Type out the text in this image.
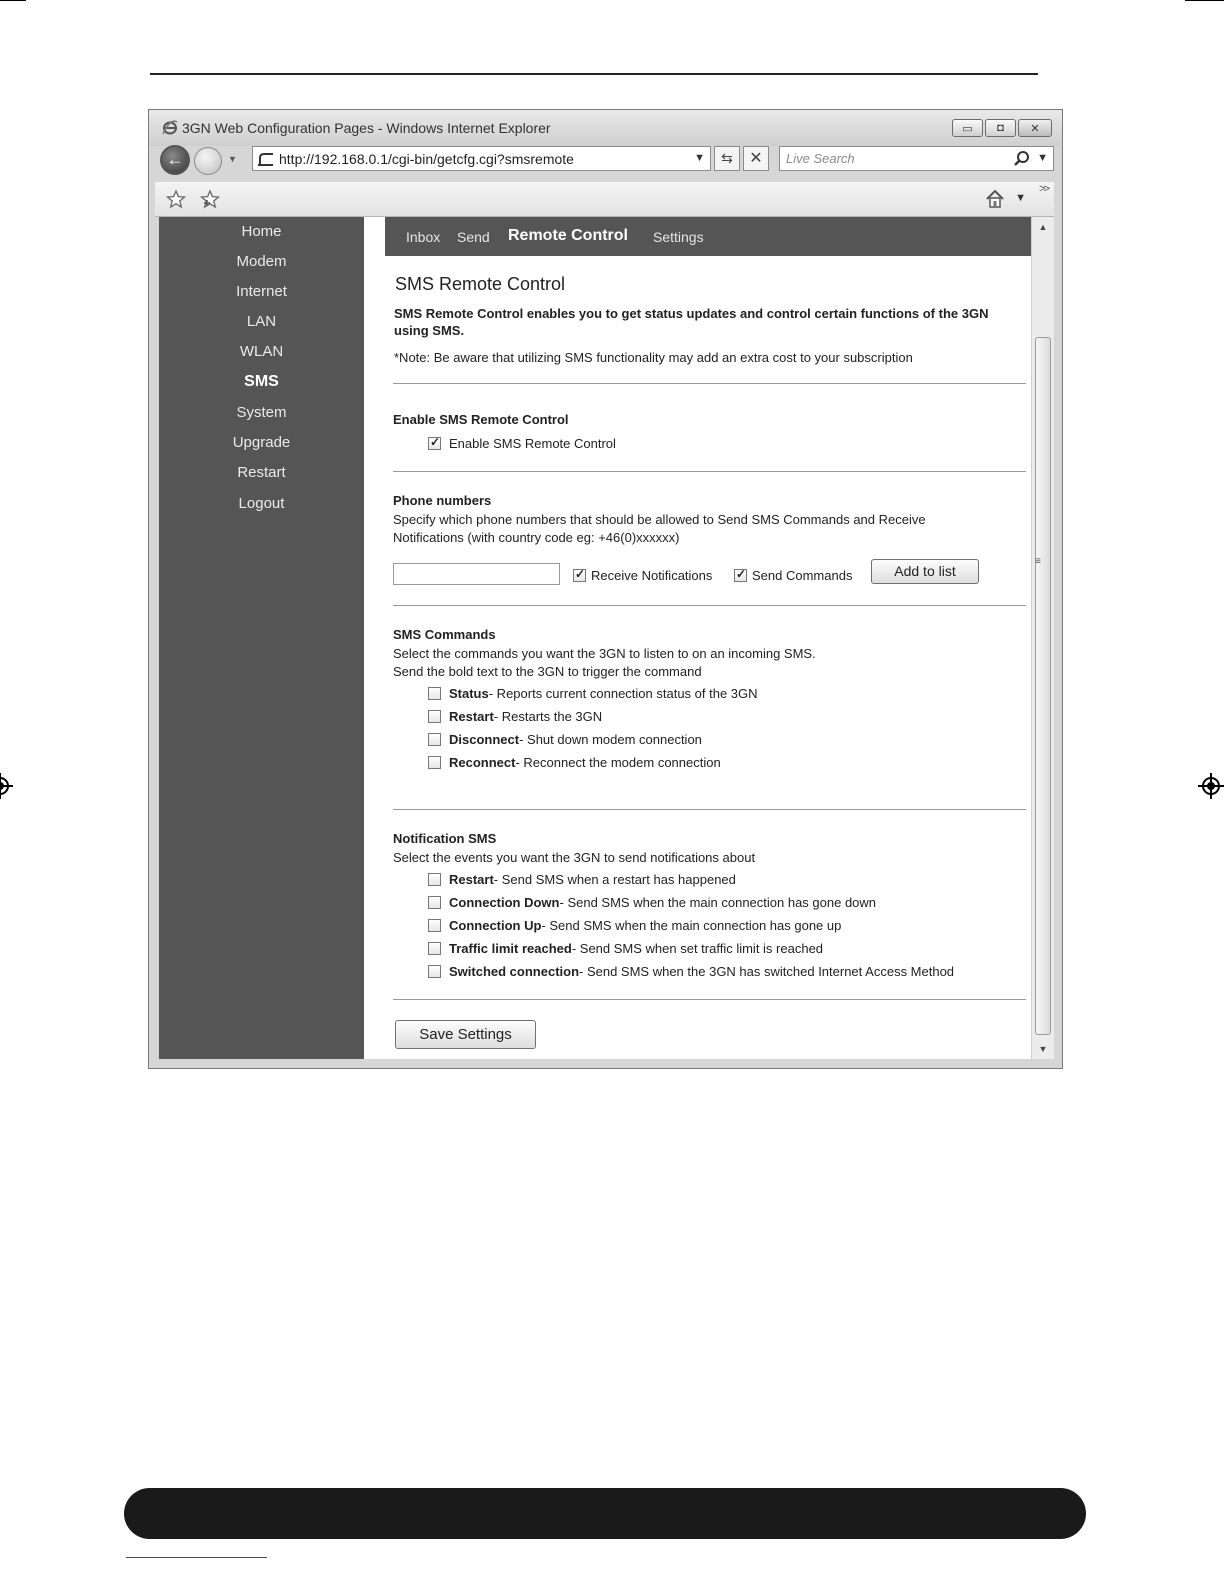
3GN Web Configuration Pages - Windows Internet Explorer	▭ ◘ ✕
←	▼	http://192.168.0.1/cgi-bin/getcfg.cgi?smsremote	▼	⇆	✕	Live Search	▼
▼
>>
Home
Modem
Internet
LAN
WLAN
SMS
System
Upgrade
Restart
Logout
Inbox Send Remote Control Settings
SMS Remote Control
SMS Remote Control enables you to get status updates and control certain functions of the 3GN using SMS.
*Note: Be aware that utilizing SMS functionality may add an extra cost to your subscription
Enable SMS Remote Control
✓
Enable SMS Remote Control
Phone numbers
Specify which phone numbers that should be allowed to Send SMS Commands and Receive
Notifications (with country code eg: +46(0)xxxxxx)
✓
Receive Notifications
✓	Send Commands	Add to list
SMS Commands
Select the commands you want the 3GN to listen to on an incoming SMS.
Send the bold text to the 3GN to trigger the command
Status - Reports current connection status of the 3GN
Restart - Restarts the 3GN
Disconnect - Shut down modem connection
Reconnect - Reconnect the modem connection
Notification SMS
Select the events you want the 3GN to send notifications about
Restart - Send SMS when a restart has happened
Connection Down - Send SMS when the main connection has gone down
Connection Up - Send SMS when the main connection has gone up
Traffic limit reached - Send SMS when set traffic limit is reached
Switched connection - Send SMS when the 3GN has switched Internet Access Method
Save Settings
▲
≡
▼
